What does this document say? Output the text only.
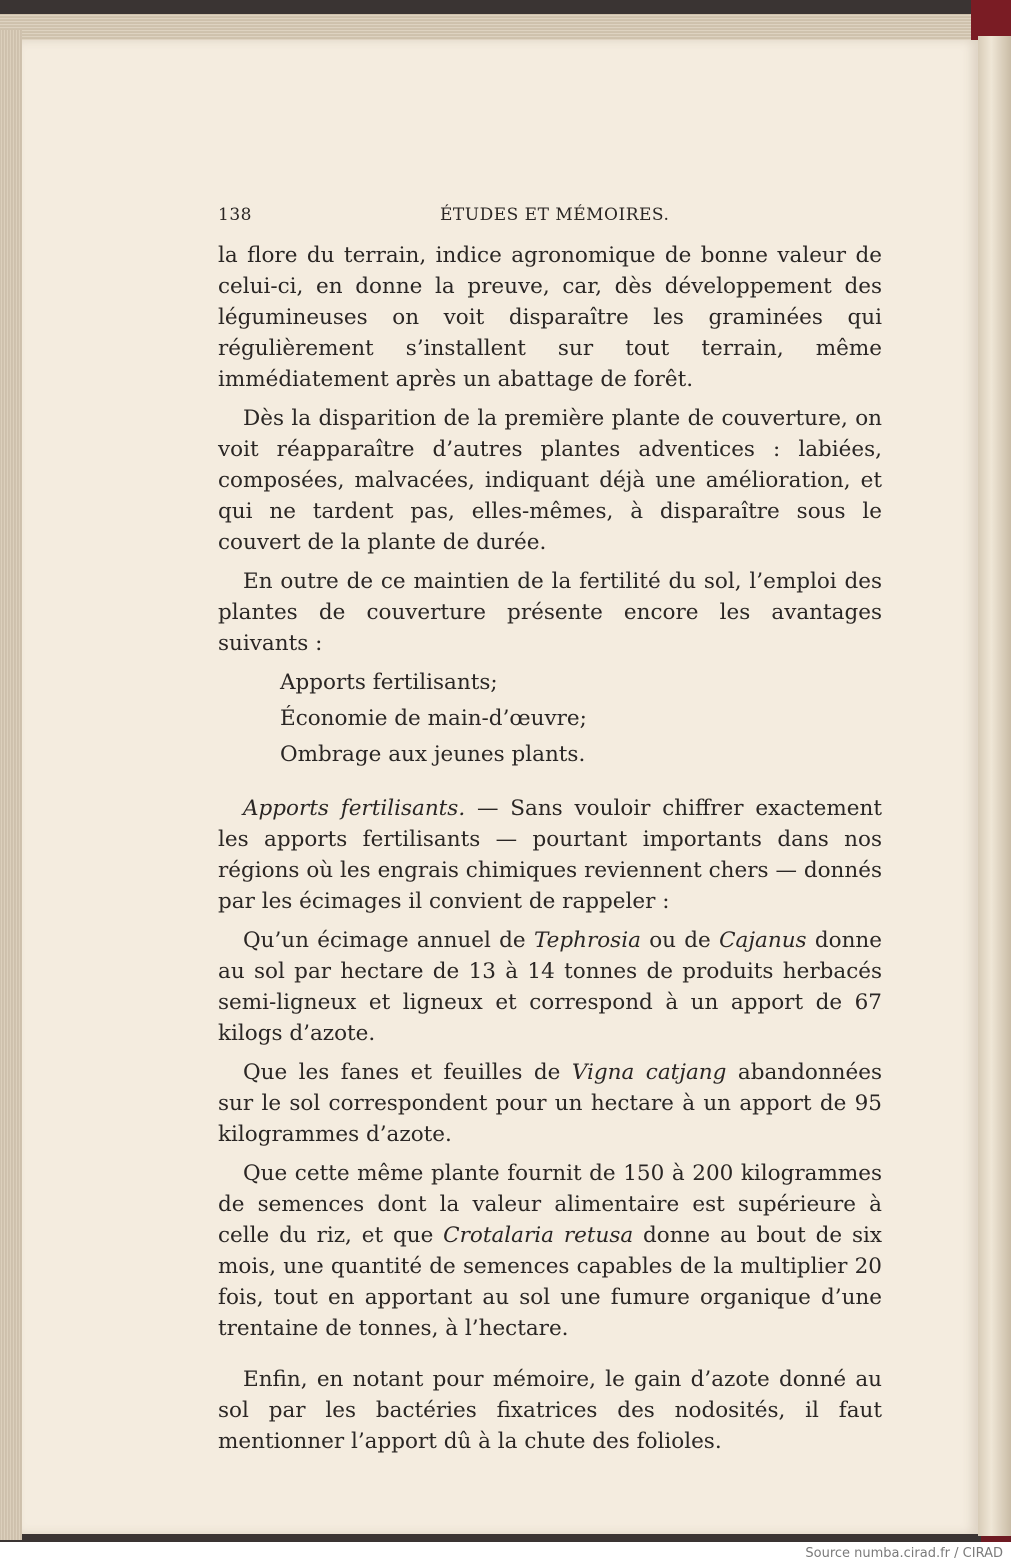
138	ÉTUDES ET MÉMOIRES.

la flore du terrain, indice agronomique de bonne valeur de celui-ci, en donne la preuve, car, dès développement des légumineuses on voit disparaître les graminées qui régulièrement s’installent sur tout terrain, même immédiatement après un abattage de forêt.

Dès la disparition de la première plante de couverture, on voit réapparaître d’autres plantes adventices : labiées, composées, malvacées, indiquant déjà une amélioration, et qui ne tardent pas, elles-mêmes, à disparaître sous le couvert de la plante de durée.

En outre de ce maintien de la fertilité du sol, l’emploi des plantes de couverture présente encore les avantages suivants :

Apports fertilisants;
Économie de main-d’œuvre;
Ombrage aux jeunes plants.

Apports fertilisants. — Sans vouloir chiffrer exactement les apports fertilisants — pourtant importants dans nos régions où les engrais chimiques reviennent chers — donnés par les écimages il convient de rappeler :

Qu’un écimage annuel de Tephrosia ou de Cajanus donne au sol par hectare de 13 à 14 tonnes de produits herbacés semi-ligneux et ligneux et correspond à un apport de 67 kilogs d’azote.

Que les fanes et feuilles de Vigna catjang abandonnées sur le sol correspondent pour un hectare à un apport de 95 kilogrammes d’azote.

Que cette même plante fournit de 150 à 200 kilogrammes de semences dont la valeur alimentaire est supérieure à celle du riz, et que Crotalaria retusa donne au bout de six mois, une quantité de semences capables de la multiplier 20 fois, tout en apportant au sol une fumure organique d’une trentaine de tonnes, à l’hectare.

Enfin, en notant pour mémoire, le gain d’azote donné au sol par les bactéries fixatrices des nodosités, il faut mentionner l’apport dû à la chute des folioles.

Source numba.cirad.fr / CIRAD
